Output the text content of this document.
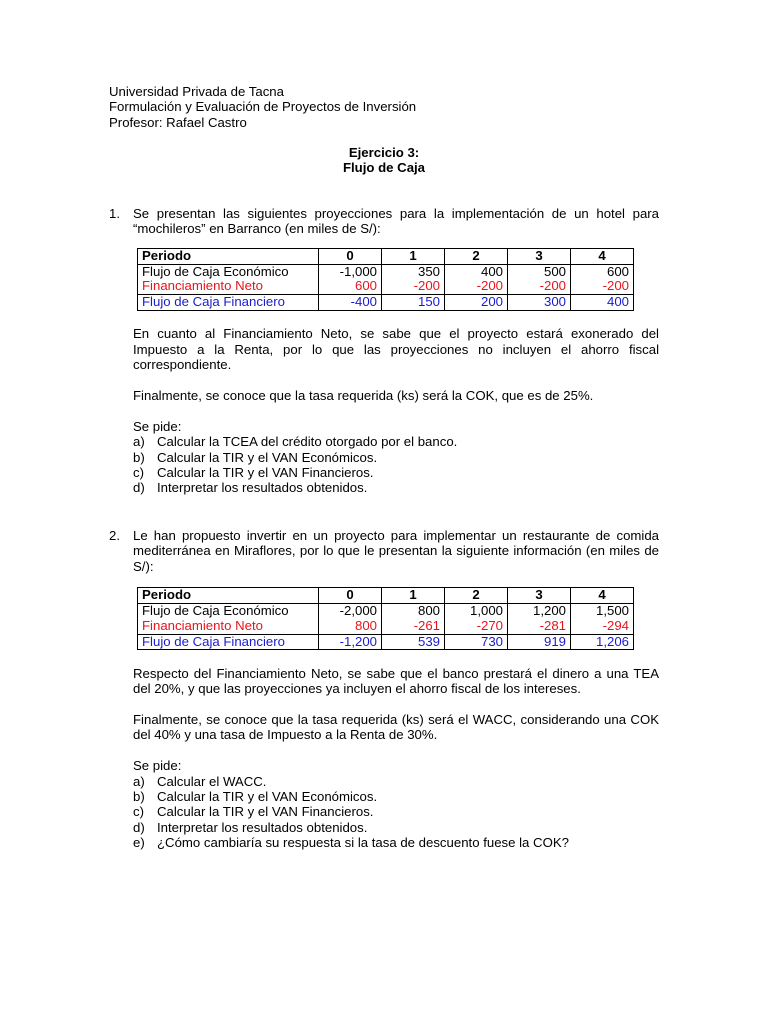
Universidad Privada de Tacna
Formulación y Evaluación de Proyectos de Inversión
Profesor: Rafael Castro
Ejercicio 3:
Flujo de Caja
1. Se presentan las siguientes proyecciones para la implementación de un hotel para “mochileros” en Barranco (en miles de S/):
Periodo	0	1	2	3	4
Flujo de Caja Económico	-1,000	350	400	500	600
Financiamiento Neto	600	-200	-200	-200	-200
Flujo de Caja Financiero	-400	150	200	300	400
En cuanto al Financiamiento Neto, se sabe que el proyecto estará exonerado del Impuesto a la Renta, por lo que las proyecciones no incluyen el ahorro fiscal correspondiente.
Finalmente, se conoce que la tasa requerida (ks) será la COK, que es de 25%.
Se pide:
a) Calcular la TCEA del crédito otorgado por el banco.
b) Calcular la TIR y el VAN Económicos.
c) Calcular la TIR y el VAN Financieros.
d) Interpretar los resultados obtenidos.
2. Le han propuesto invertir en un proyecto para implementar un restaurante de comida mediterránea en Miraflores, por lo que le presentan la siguiente información (en miles de S/):
Periodo	0	1	2	3	4
Flujo de Caja Económico	-2,000	800	1,000	1,200	1,500
Financiamiento Neto	800	-261	-270	-281	-294
Flujo de Caja Financiero	-1,200	539	730	919	1,206
Respecto del Financiamiento Neto, se sabe que el banco prestará el dinero a una TEA del 20%, y que las proyecciones ya incluyen el ahorro fiscal de los intereses.
Finalmente, se conoce que la tasa requerida (ks) será el WACC, considerando una COK del 40% y una tasa de Impuesto a la Renta de 30%.
Se pide:
a) Calcular el WACC.
b) Calcular la TIR y el VAN Económicos.
c) Calcular la TIR y el VAN Financieros.
d) Interpretar los resultados obtenidos.
e) ¿Cómo cambiaría su respuesta si la tasa de descuento fuese la COK?
